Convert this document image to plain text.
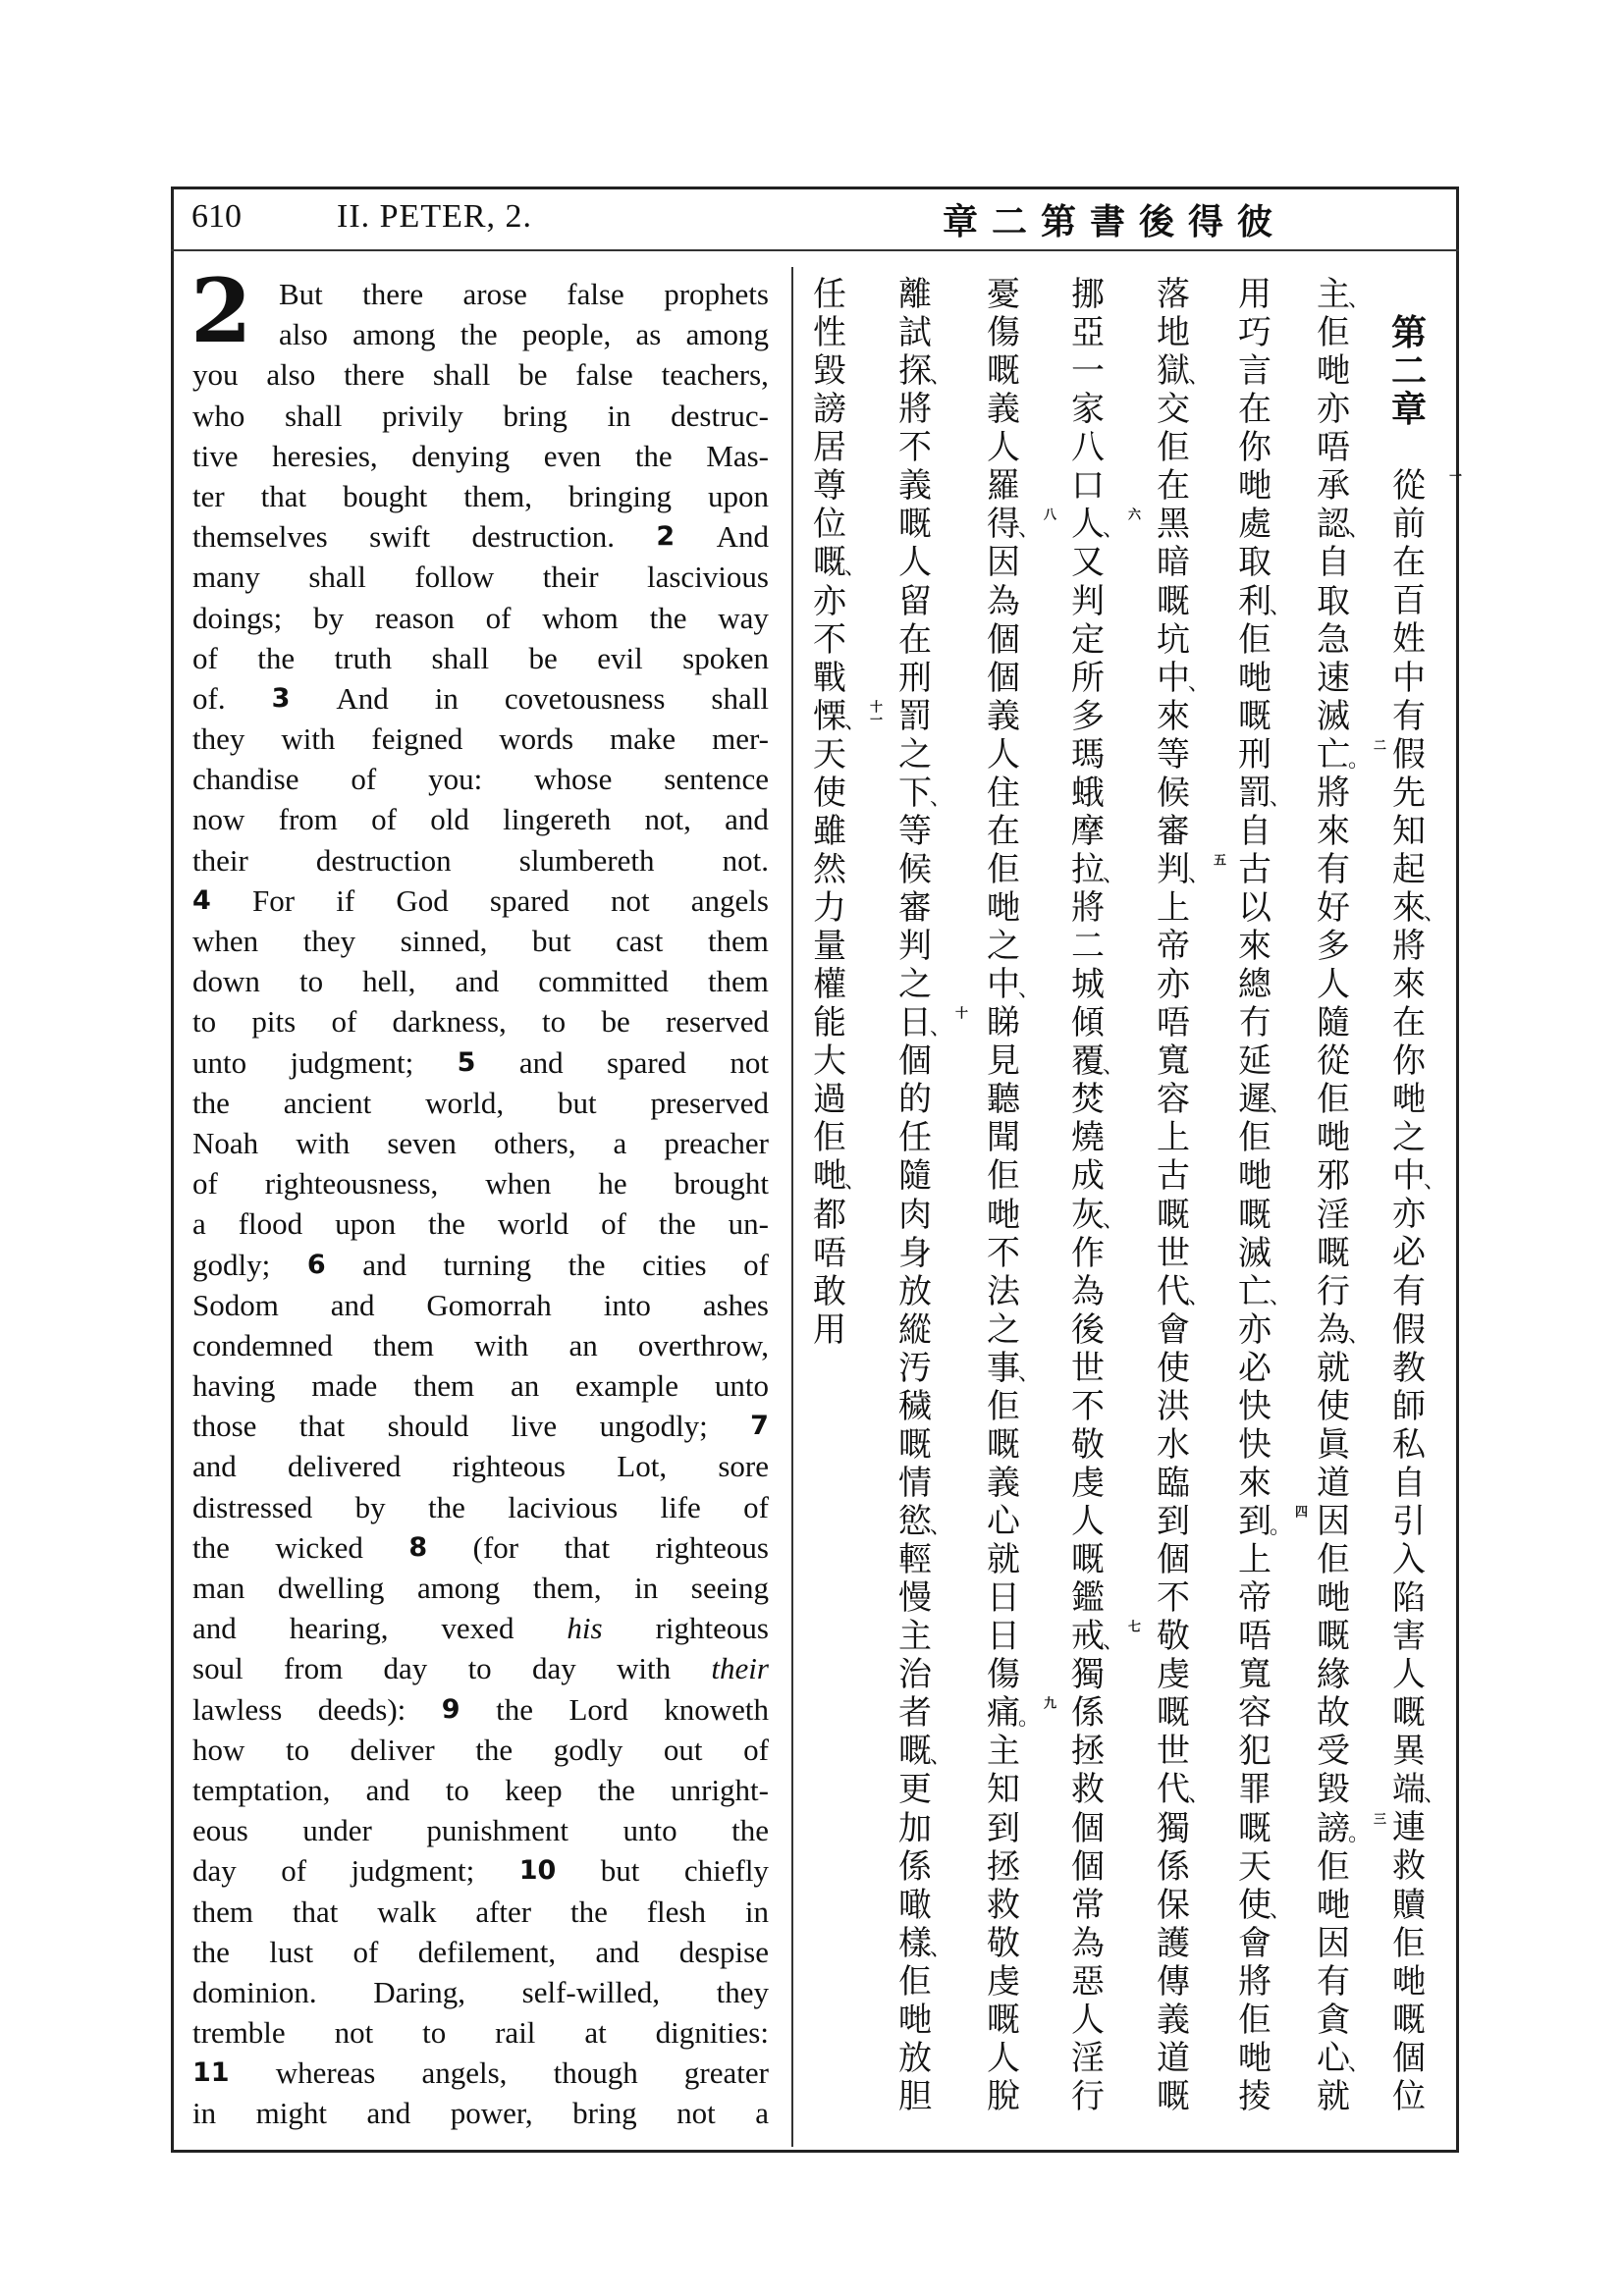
610	II. PETER, 2.	彼得後書第二章
2 But there arose false prophets
also among the people, as among
you also there shall be false teachers,
who shall privily bring in destruc-
tive heresies, denying even the Mas-
ter that bought them, bringing upon
themselves swift destruction. 2 And
many shall follow their lascivious
doings; by reason of whom the way
of the truth shall be evil spoken
of. 3 And in covetousness shall
they with feigned words make mer-
chandise of you: whose sentence
now from of old lingereth not, and
their destruction slumbereth not.
4 For if God spared not angels
when they sinned, but cast them
down to hell, and committed them
to pits of darkness, to be reserved
unto judgment; 5 and spared not
the ancient world, but preserved
Noah with seven others, a preacher
of righteousness, when he brought
a flood upon the world of the un-
godly; 6 and turning the cities of
Sodom and Gomorrah into ashes
condemned them with an overthrow,
having made them an example unto
those that should live ungodly; 7
and delivered righteous Lot, sore
distressed by the lacivious life of
the wicked 8 (for that righteous
man dwelling among them, in seeing
and hearing, vexed his righteous
soul from day to day with their
lawless deeds): 9 the Lord knoweth
how to deliver the godly out of
temptation, and to keep the unright-
eous under punishment unto the
day of judgment; 10 but chiefly
them that walk after the flesh in
the lust of defilement, and despise
dominion. Daring, self-willed, they
tremble not to rail at dignities:
11 whereas angels, though greater
in might and power, bring not a
第
二
章
從 一
前
在
百
姓
中
有
假
先
知
起
來
、
將
來
在
你
哋
之
中
、
亦
必
有
假
教
師
私
自
引
入
陷
害
人
嘅
異
端
、
連
救
贖
佢
哋
嘅
個
位
主
、
佢
哋
亦
唔
承
認
、
自
取
急
速
滅
亡
。
二
將
來
有
好
多
人
隨
從
佢
哋
邪
淫
嘅
行
為
、
就
使
眞
道
因
佢
哋
嘅
緣
故
受
毀
謗
。
三
佢
哋
因
有
貪
心
、
就
用
巧
言
在
你
哋
處
取
利
、
佢
哋
嘅
刑
罰
、
自
古
以
來
總
冇
延
遲
、
佢
哋
嘅
滅
亡
、
亦
必
快
快
來
到
。
四
上
帝
唔
寬
容
犯
罪
嘅
天
使
、
會
將
佢
哋
掕
落
地
獄
、
交
佢
在
黑
暗
嘅
坑
中
、
來
等
候
審
判
、
五
上
帝
亦
唔
寬
容
上
古
嘅
世
代
、
會
使
洪
水
臨
到
個
不
敬
虔
嘅
世
代
、
獨
係
保
護
傳
義
道
嘅
挪
亞
一
家
八
口
人
、
六
又
判
定
所
多
瑪
蛾
摩
拉
、
將
二
城
傾
覆
、
焚
燒
成
灰
、
作
為
後
世
不
敬
虔
人
嘅
鑑
戒
、
七
獨
係
拯
救
個
個
常
為
惡
人
淫
行
憂
傷
嘅
義
人
羅
得
、
八
因
為
個
個
義
人
住
在
佢
哋
之
中
、
睇
見
聽
聞
佢
哋
不
法
之
事
、
佢
嘅
義
心
就
日
日
傷
痛
。
九
主
知
到
拯
救
敬
虔
嘅
人
脫
離
試
探
、
將
不
義
嘅
人
留
在
刑
罰
之
下
、
等
候
審
判
之
日
、
十
個
的
任
隨
肉
身
放
縱
汚
穢
嘅
情
慾
、
輕
慢
主
治
者
嘅
、
更
加
係
噉
樣
、
佢
哋
放
胆
任
性
毀
謗
居
尊
位
嘅
、
亦
不
戰
慄
、 十一
天
使
雖
然
力
量
權
能
大
過
佢
哋
、
都
唔
敢
用
